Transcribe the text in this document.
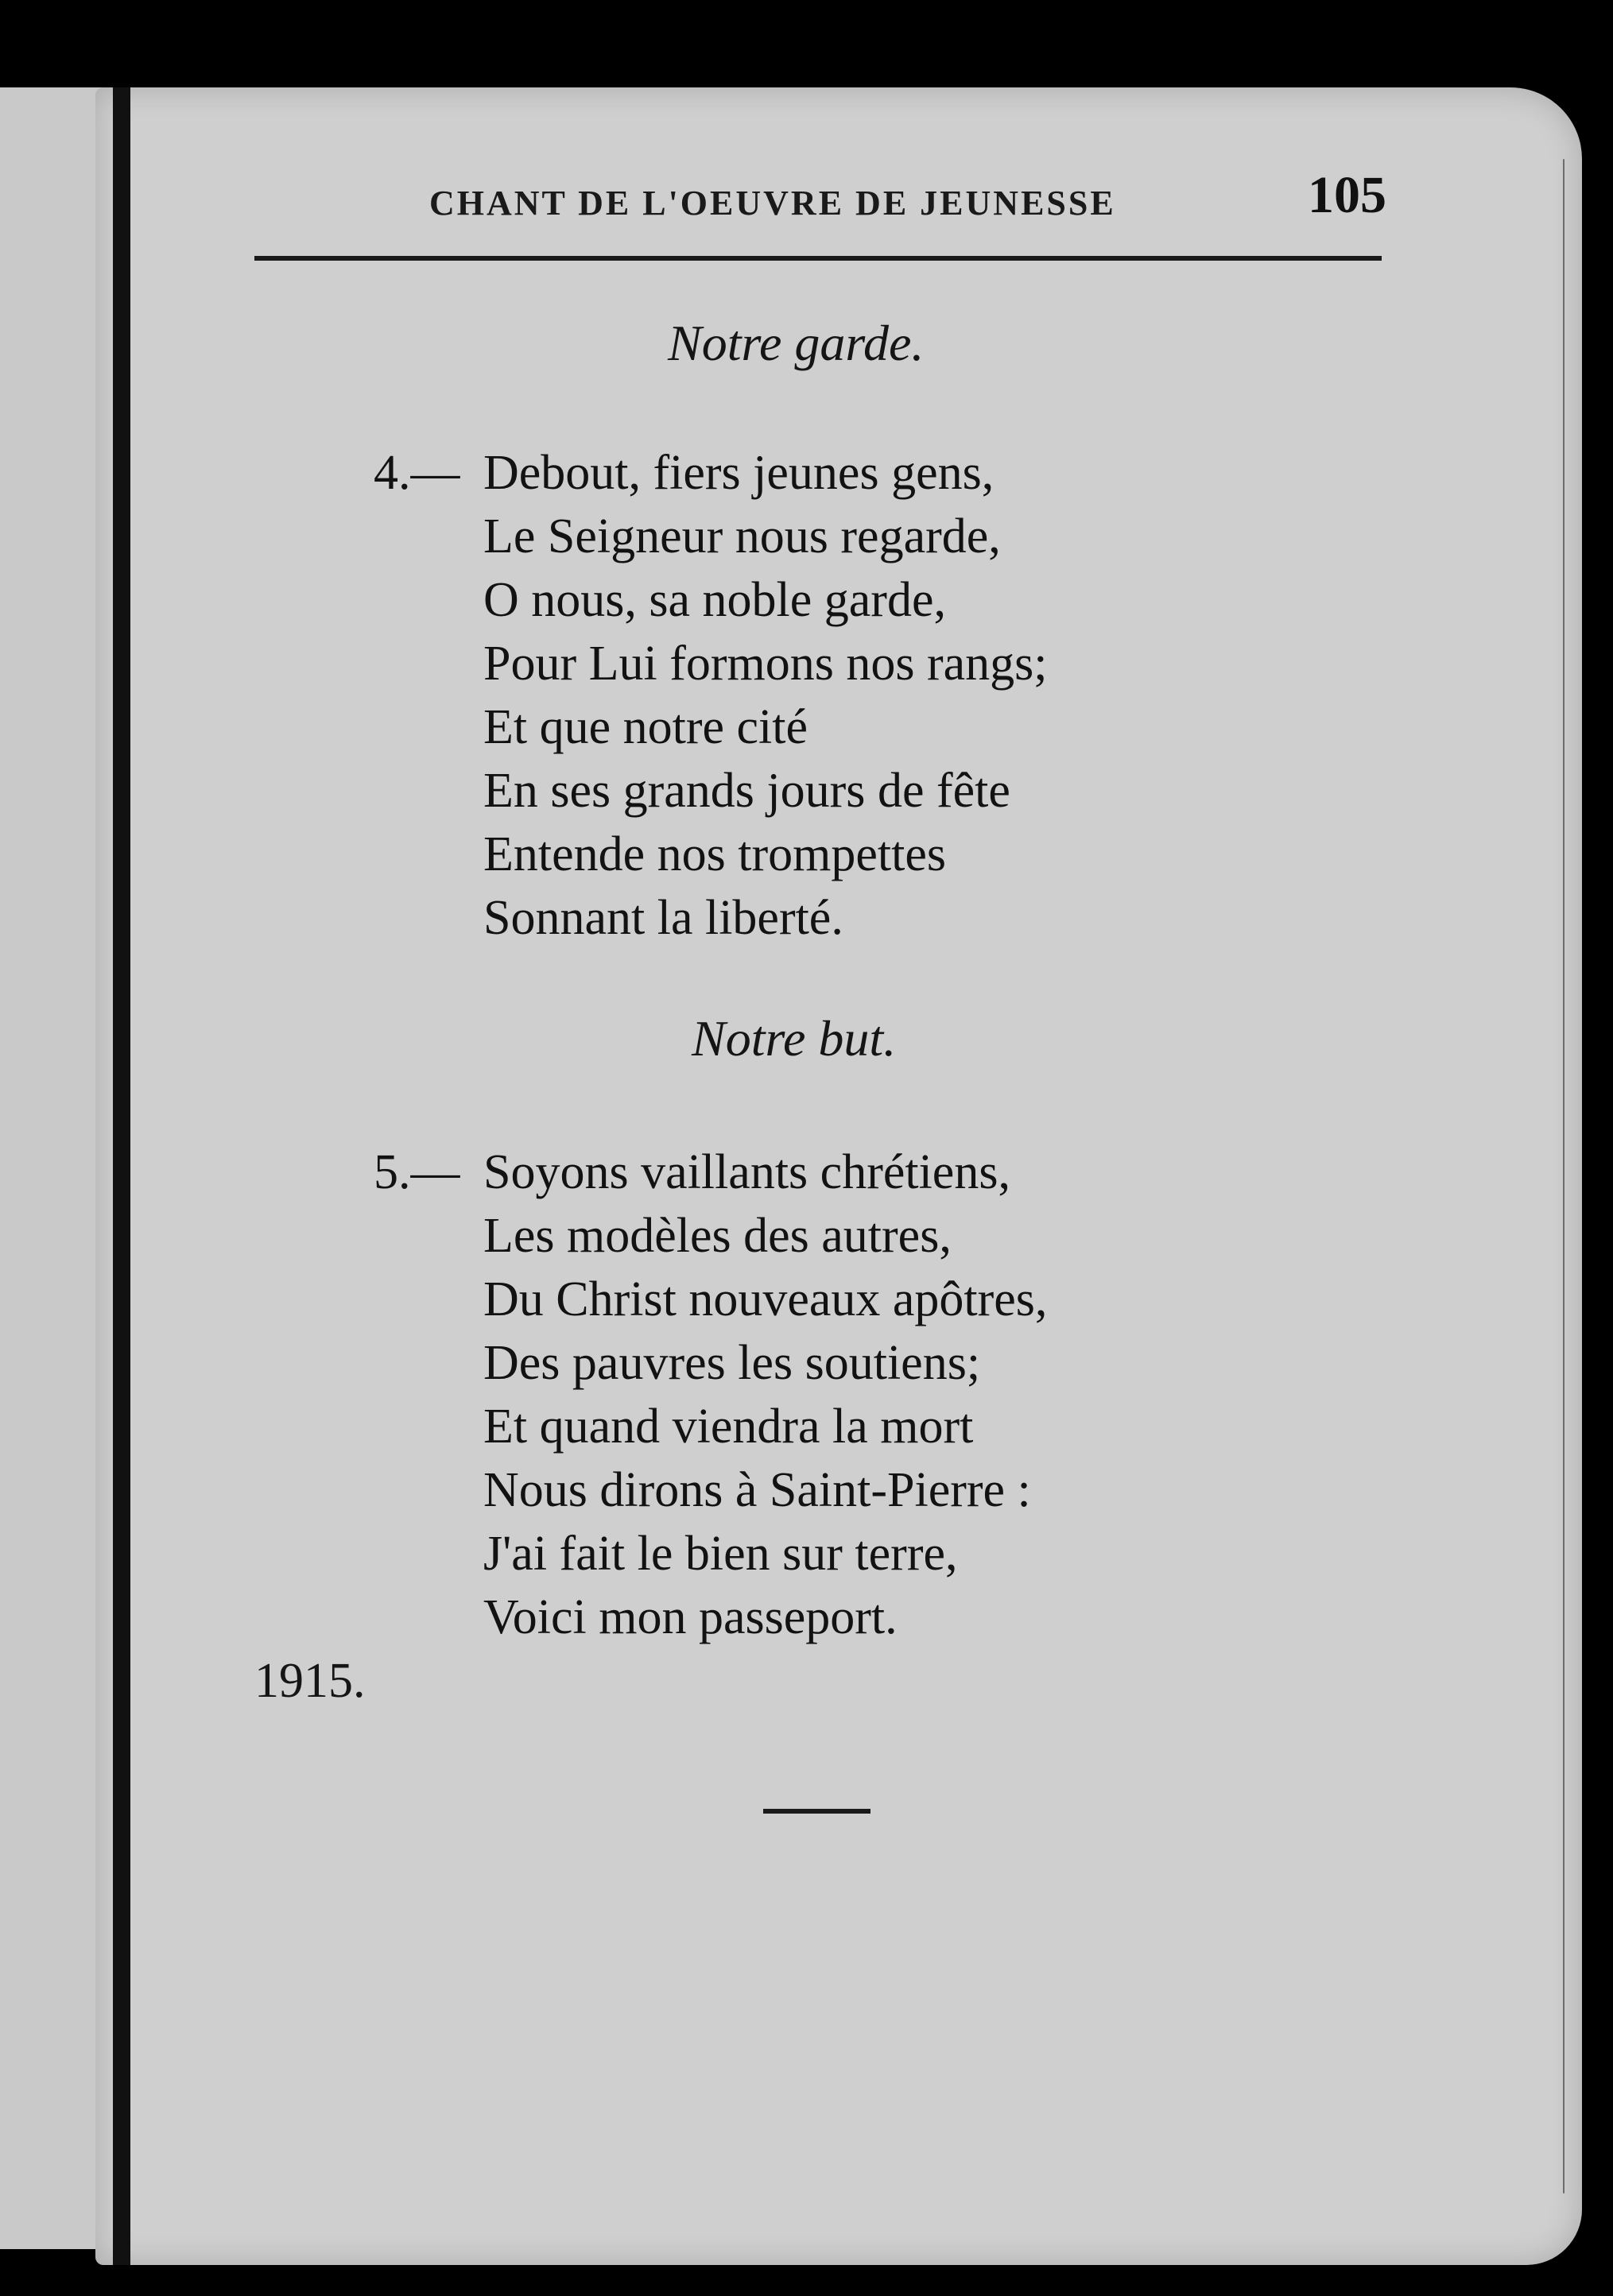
CHANT DE L'OEUVRE DE JEUNESSE	105
Notre garde.
4.— Debout, fiers jeunes gens,
Le Seigneur nous regarde,
O nous, sa noble garde,
Pour Lui formons nos rangs;
Et que notre cité
En ses grands jours de fête
Entende nos trompettes
Sonnant la liberté.
Notre but.
5.— Soyons vaillants chrétiens,
Les modèles des autres,
Du Christ nouveaux apôtres,
Des pauvres les soutiens;
Et quand viendra la mort
Nous dirons à Saint-Pierre :
J'ai fait le bien sur terre,
Voici mon passeport.
1915.
